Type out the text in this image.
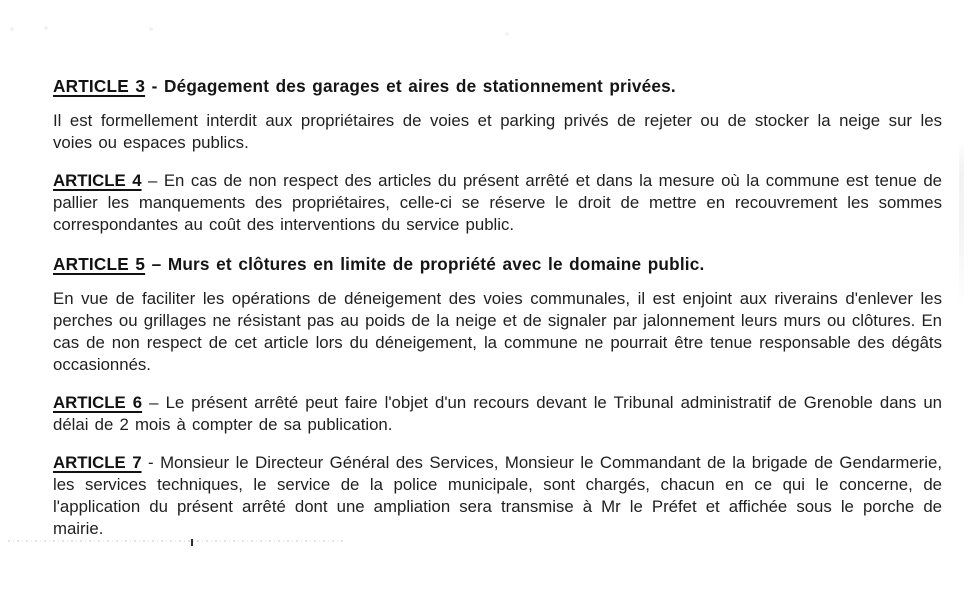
ARTICLE 3 - Dégagement des garages et aires de stationnement privées.

Il est formellement interdit aux propriétaires de voies et parking privés de rejeter ou de stocker la neige sur les voies ou espaces publics.

ARTICLE 4 – En cas de non respect des articles du présent arrêté et dans la mesure où la commune est tenue de pallier les manquements des propriétaires, celle-ci se réserve le droit de mettre en recouvrement les sommes correspondantes au coût des interventions du service public.

ARTICLE 5 – Murs et clôtures en limite de propriété avec le domaine public.

En vue de faciliter les opérations de déneigement des voies communales, il est enjoint aux riverains d'enlever les perches ou grillages ne résistant pas au poids de la neige et de signaler par jalonnement leurs murs ou clôtures. En cas de non respect de cet article lors du déneigement, la commune ne pourrait être tenue responsable des dégâts occasionnés.

ARTICLE 6 – Le présent arrêté peut faire l'objet d'un recours devant le Tribunal administratif de Grenoble dans un délai de 2 mois à compter de sa publication.

ARTICLE 7 - Monsieur le Directeur Général des Services, Monsieur le Commandant de la brigade de Gendarmerie, les services techniques, le service de la police municipale, sont chargés, chacun en ce qui le concerne, de l'application du présent arrêté dont une ampliation sera transmise à Mr le Préfet et affichée sous le porche de mairie.
